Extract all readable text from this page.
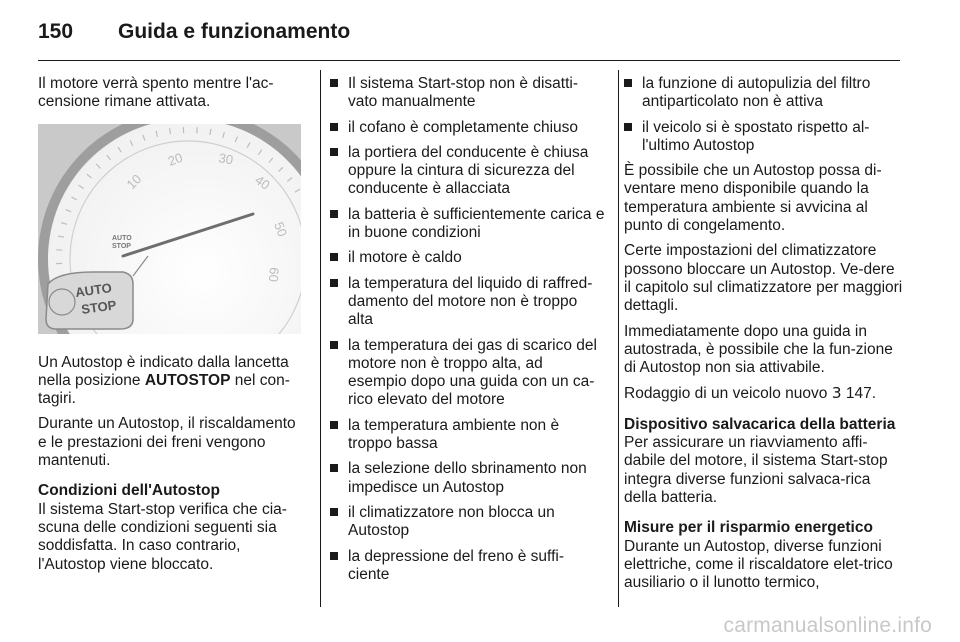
150	Guida e funzionamento

Il motore verrà spento mentre l'ac-censione rimane attivata.

10
20	30
40
50
60
AUTO
STOP
AUTO
STOP

Un Autostop è indicato dalla lancetta nella posizione AUTOSTOP nel con-tagiri.

Durante un Autostop, il riscaldamento e le prestazioni dei freni vengono mantenuti.

Condizioni dell'Autostop

Il sistema Start-stop verifica che cia-scuna delle condizioni seguenti sia soddisfatta. In caso contrario, l'Autostop viene bloccato.

Il sistema Start-stop non è disatti-vato manualmente
il cofano è completamente chiuso
la portiera del conducente è chiusa oppure la cintura di sicurezza del conducente è allacciata
la batteria è sufficientemente carica e in buone condizioni
il motore è caldo
la temperatura del liquido di raffred-damento del motore non è troppo alta
la temperatura dei gas di scarico del motore non è troppo alta, ad esempio dopo una guida con un ca-rico elevato del motore
la temperatura ambiente non è troppo bassa
la selezione dello sbrinamento non impedisce un Autostop
il climatizzatore non blocca un Autostop
la depressione del freno è suffi-ciente
la funzione di autopulizia del filtro antiparticolato non è attiva
il veicolo si è spostato rispetto al-l'ultimo Autostop

È possibile che un Autostop possa di-ventare meno disponibile quando la temperatura ambiente si avvicina al punto di congelamento.

Certe impostazioni del climatizzatore possono bloccare un Autostop. Ve-dere il capitolo sul climatizzatore per maggiori dettagli.

Immediatamente dopo una guida in autostrada, è possibile che la fun-zione di Autostop non sia attivabile.

Rodaggio di un veicolo nuovo 3 147.

Dispositivo salvacarica della batteria

Per assicurare un riavviamento affi-dabile del motore, il sistema Start-stop integra diverse funzioni salvaca-rica della batteria.

Misure per il risparmio energetico

Durante un Autostop, diverse funzioni elettriche, come il riscaldatore elet-trico ausiliario o il lunotto termico,

carmanualsonline.info
